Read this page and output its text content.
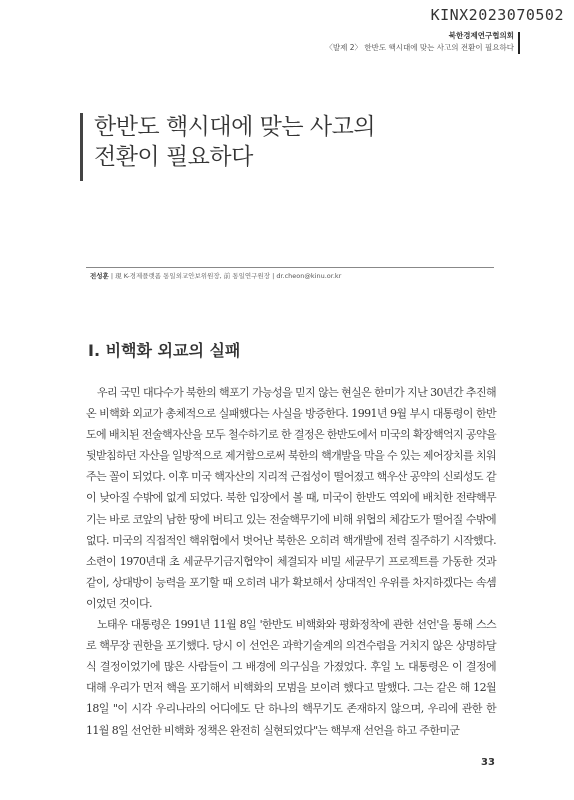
KINX2023070502
북한경제연구협의회
〈발제 2〉 한반도 핵시대에 맞는 사고의 전환이 필요하다
한반도 핵시대에 맞는 사고의
전환이 필요하다
전성훈 | 現 K-경제플랫폼 통일외교안보위원장, 前 통일연구원장 | dr.cheon@kinu.or.kr
Ⅰ. 비핵화 외교의 실패

우리 국민 대다수가 북한의 핵포기 가능성을 믿지 않는 현실은 한미가 지난 30년간 추진해 온 비핵화 외교가 총체적으로 실패했다는 사실을 방증한다. 1991년 9월 부시 대통령이 한반도에 배치된 전술핵자산을 모두 철수하기로 한 결정은 한반도에서 미국의 확장핵억지 공약을 뒷받침하던 자산을 일방적으로 제거함으로써 북한의 핵개발을 막을 수 있는 제어장치를 치워 주는 꼴이 되었다. 이후 미국 핵자산의 지리적 근접성이 떨어졌고 핵우산 공약의 신뢰성도 같이 낮아질 수밖에 없게 되었다. 북한 입장에서 볼 때, 미국이 한반도 역외에 배치한 전략핵무기는 바로 코앞의 남한 땅에 버티고 있는 전술핵무기에 비해 위협의 체감도가 떨어질 수밖에 없다. 미국의 직접적인 핵위협에서 벗어난 북한은 오히려 핵개발에 전력 질주하기 시작했다. 소련이 1970년대 초 세균무기금지협약이 체결되자 비밀 세균무기 프로젝트를 가동한 것과 같이, 상대방이 능력을 포기할 때 오히려 내가 확보해서 상대적인 우위를 차지하겠다는 속셈이었던 것이다.

노태우 대통령은 1991년 11월 8일 '한반도 비핵화와 평화정착에 관한 선언'을 통해 스스로 핵무장 권한을 포기했다. 당시 이 선언은 과학기술계의 의견수렴을 거치지 않은 상명하달식 결정이었기에 많은 사람들이 그 배경에 의구심을 가졌었다. 후일 노 대통령은 이 결정에 대해 우리가 먼저 핵을 포기해서 비핵화의 모범을 보이려 했다고 말했다. 그는 같은 해 12월 18일 "이 시각 우리나라의 어디에도 단 하나의 핵무기도 존재하지 않으며, 우리에 관한 한 11월 8일 선언한 비핵화 정책은 완전히 실현되었다"는 핵부재 선언을 하고 주한미군

33
